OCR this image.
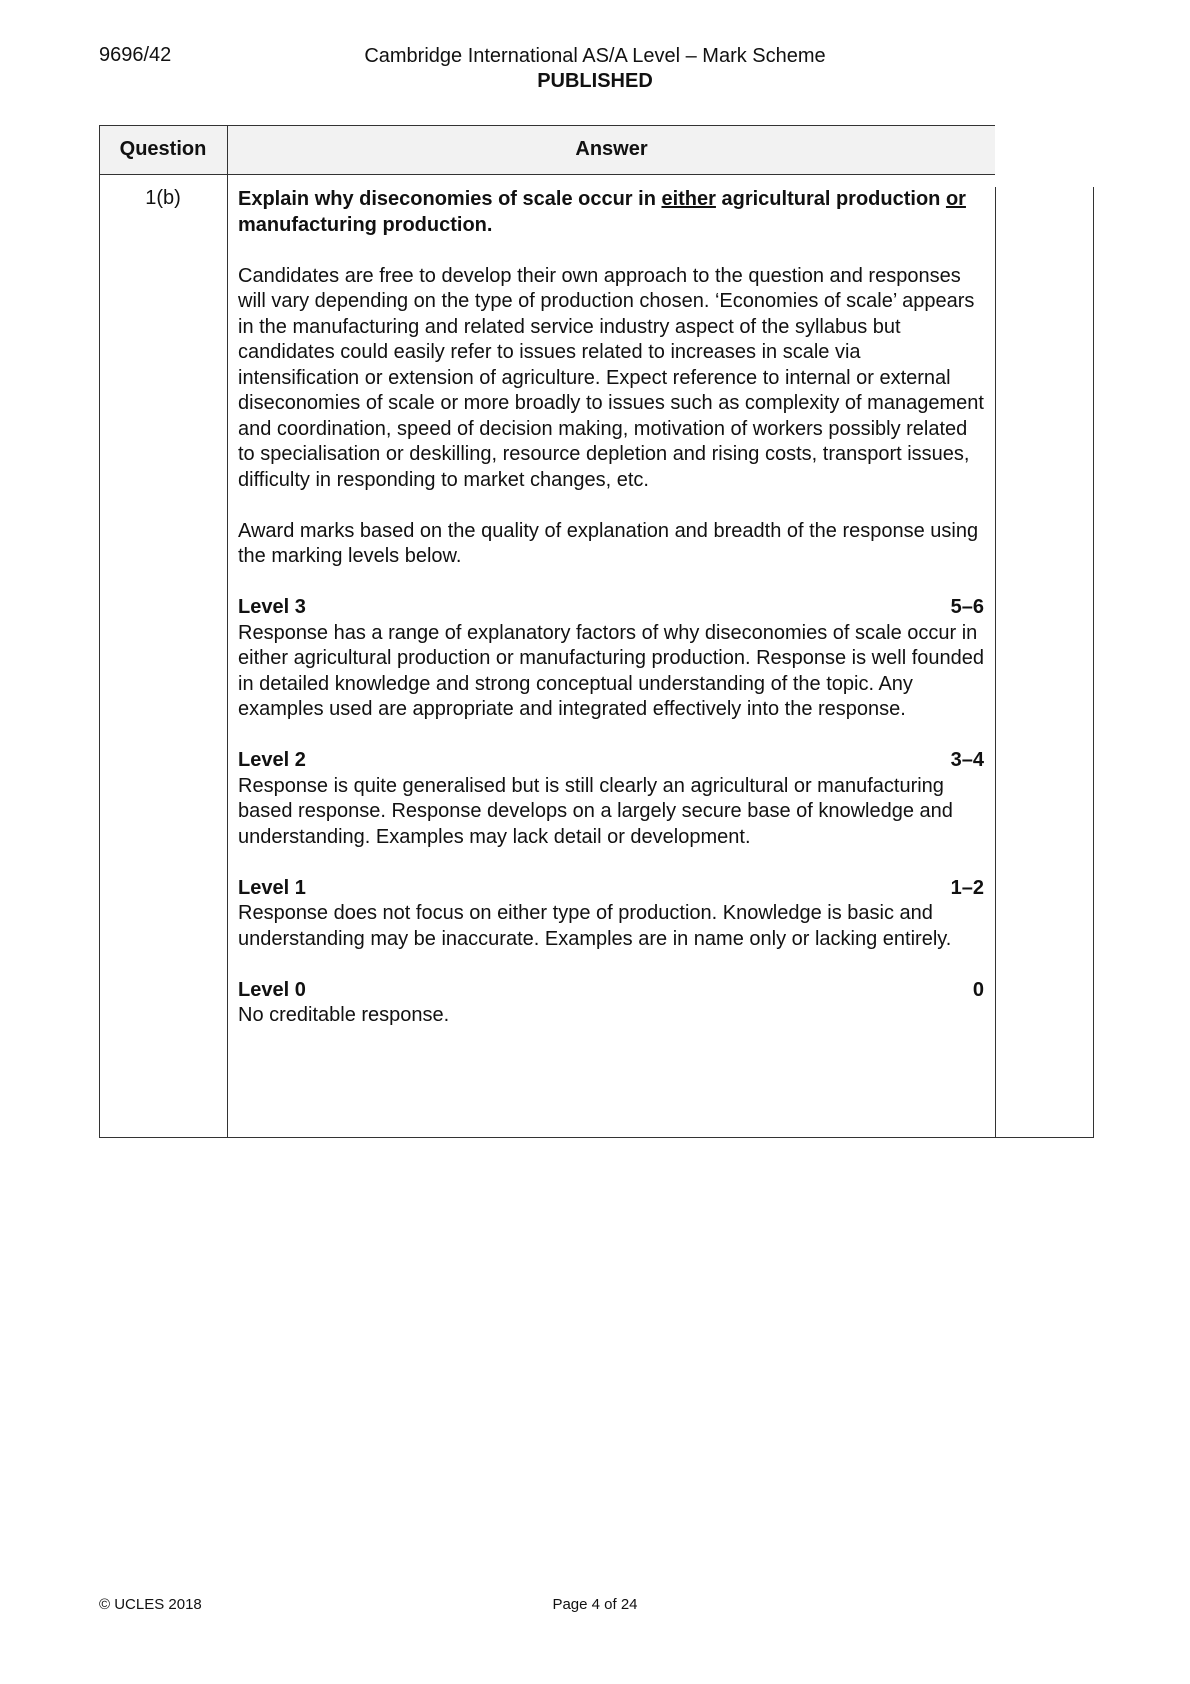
9696/42	Cambridge International AS/A Level – Mark Scheme
PUBLISHED
Question	Answer
1(b)	Explain why diseconomies of scale occur in either agricultural production or manufacturing production.

Candidates are free to develop their own approach to the question and responses will vary depending on the type of production chosen. ‘Economies of scale’ appears in the manufacturing and related service industry aspect of the syllabus but candidates could easily refer to issues related to increases in scale via intensification or extension of agriculture. Expect reference to internal or external diseconomies of scale or more broadly to issues such as complexity of management and coordination, speed of decision making, motivation of workers possibly related to specialisation or deskilling, resource depletion and rising costs, transport issues, difficulty in responding to market changes, etc.

Award marks based on the quality of explanation and breadth of the response using the marking levels below.

Level 3	5–6
Response has a range of explanatory factors of why diseconomies of scale occur in either agricultural production or manufacturing production. Response is well founded in detailed knowledge and strong conceptual understanding of the topic. Any examples used are appropriate and integrated effectively into the response.
Level 2	3–4
Response is quite generalised but is still clearly an agricultural or manufacturing based response. Response develops on a largely secure base of knowledge and understanding. Examples may lack detail or development.
Level 1	1–2
Response does not focus on either type of production. Knowledge is basic and understanding may be inaccurate. Examples are in name only or lacking entirely.
Level 0	0
No creditable response.
© UCLES 2018	Page 4 of 24
